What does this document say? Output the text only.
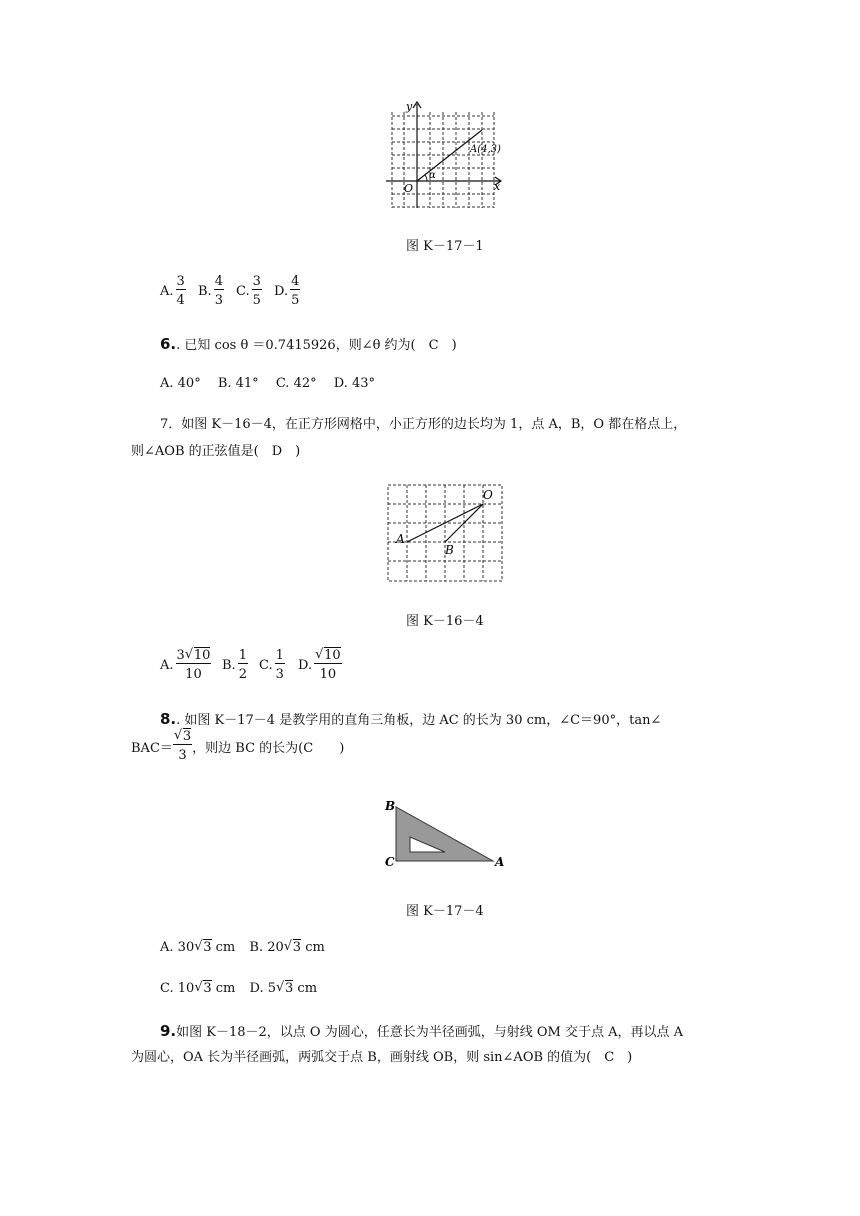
y
x
O
α
A(4,3)
图 K－17－1
A. $\frac{3}{4} B$. $\frac{4}{3} C$. $\frac{3}{5} D$. $\frac{4}{5}$
6.. 已知 cos θ ＝0.7415926，则∠θ 约为(　C　)
A. 40°　 B. 41°　 C. 42°　 D. 43°
7．如图 K－16－4，在正方形网格中，小正方形的边长均为 1，点 A，B，O 都在格点上，
则∠AOB 的正弦值是(　D　)
O
A
B
图 K－16－4
A. $\frac{3 √ 10}{10} B$. $\frac{1}{2} C$. $\frac{1}{3} D$. √ $\frac{10}{10}$
8.. 如图 K－17－4 是教学用的直角三角板，边 AC 的长为 30 cm，∠C＝90°，tan∠
BAC＝ √ $\frac{3}{3}$ ，则边 BC 的长为(C　　)
B
C	A
图 K－17－4
A. 30 √ 3 cm B. 20 √ 3 cm
C. 10 √ 3 cm D. 5 √ 3 cm
9.如图 K－18－2，以点 O 为圆心，任意长为半径画弧，与射线 OM 交于点 A，再以点 A
为圆心，OA 长为半径画弧，两弧交于点 B，画射线 OB，则 sin∠AOB 的值为(　C　)
